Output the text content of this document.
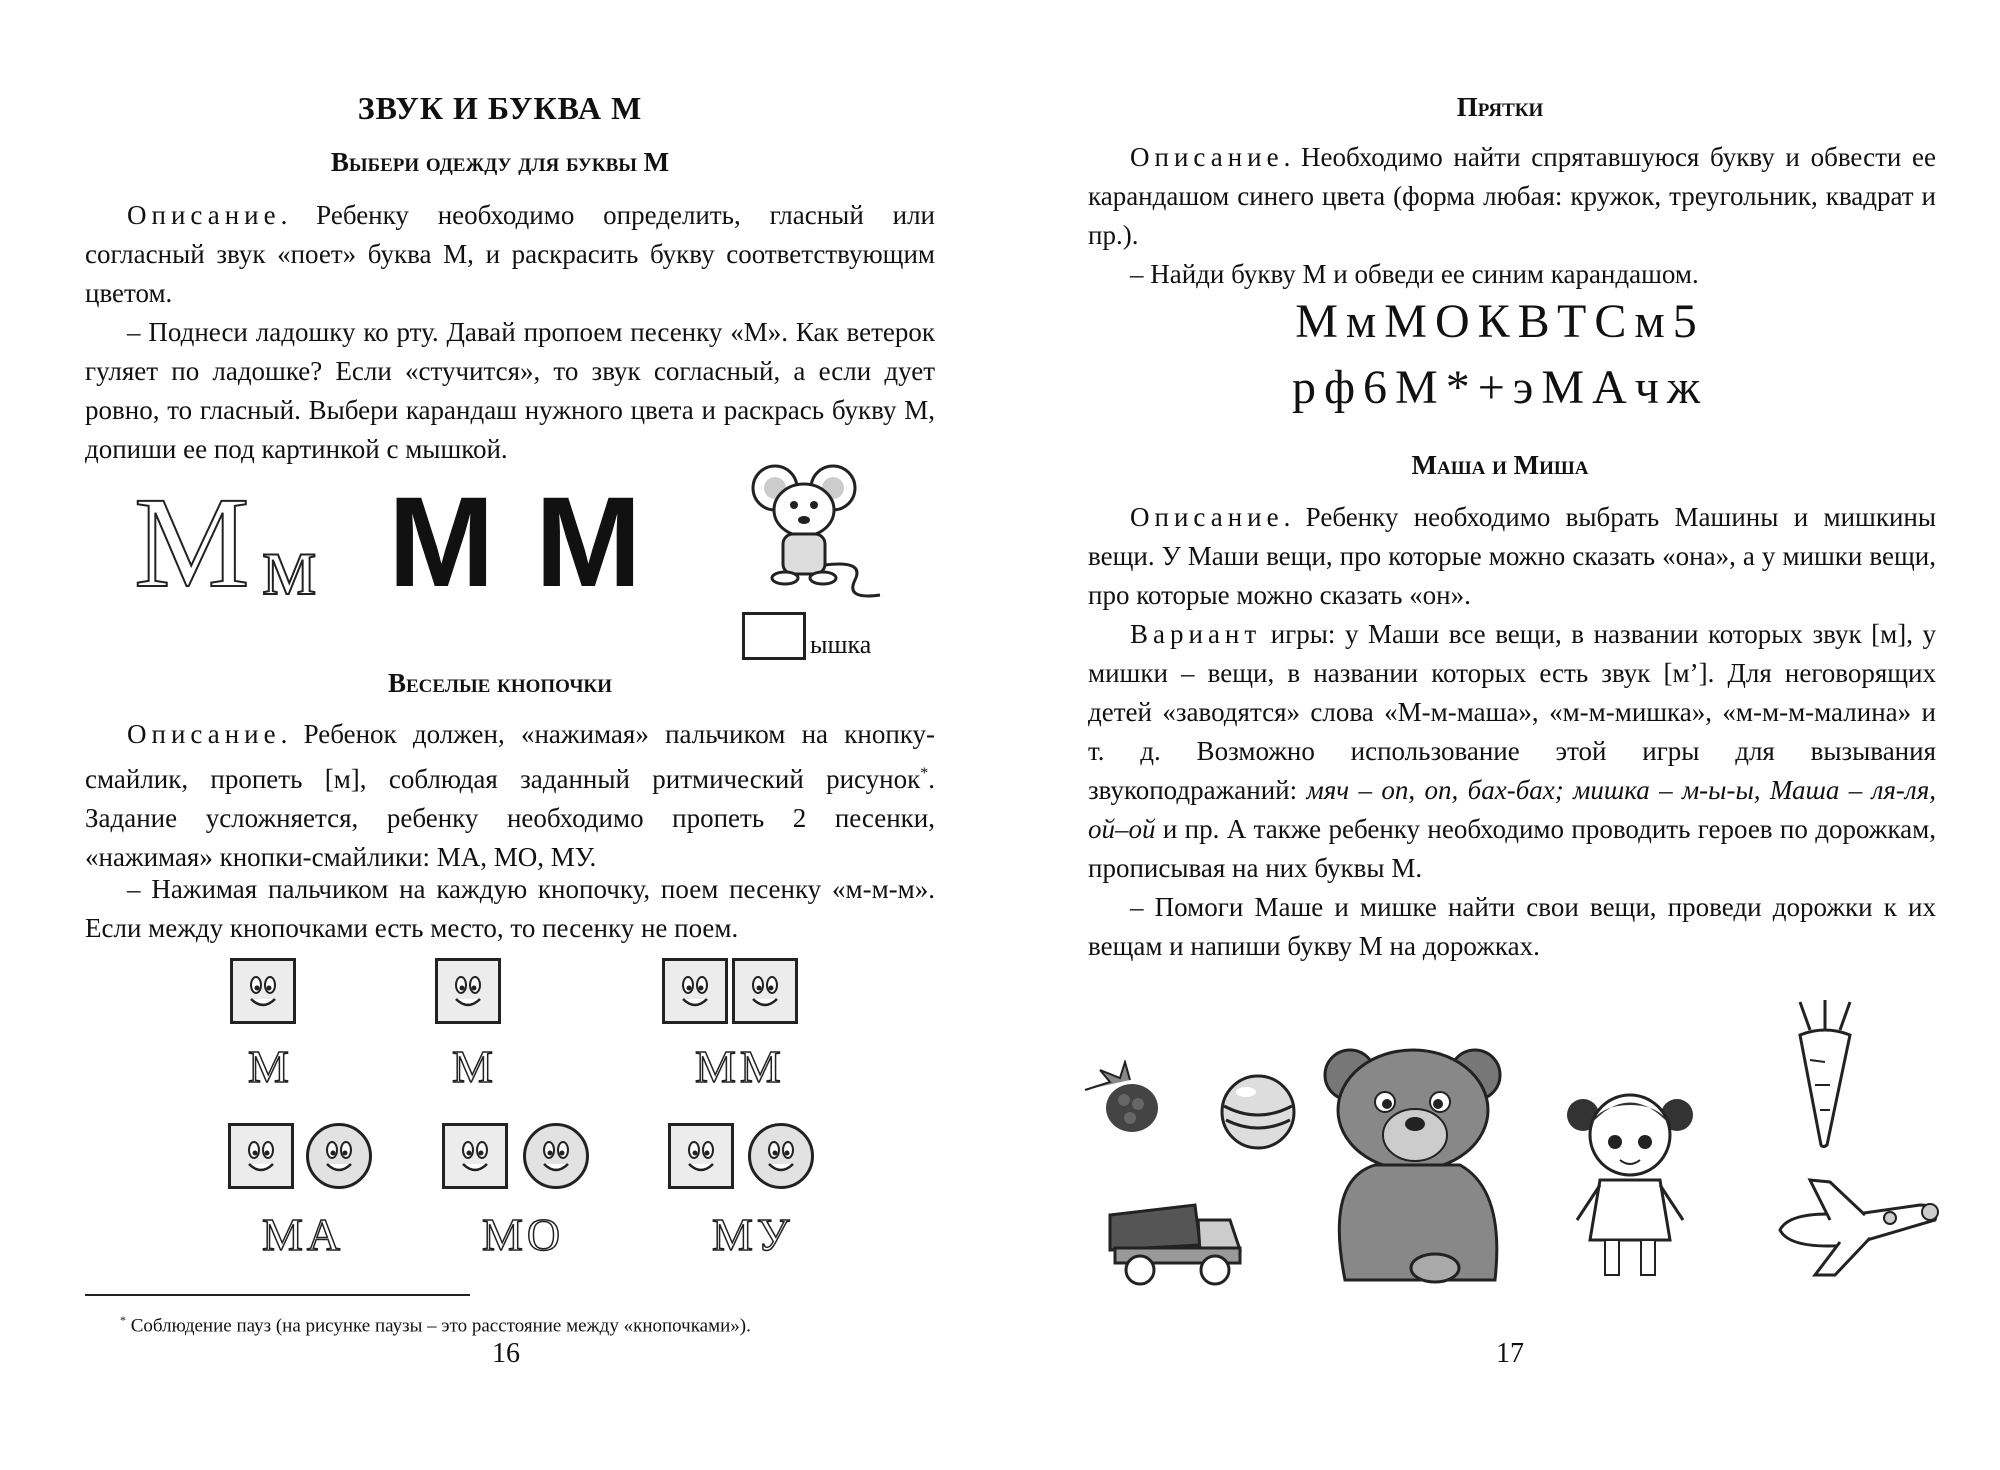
ЗВУК И БУКВА М
Выбери одежду для буквы М

Описание. Ребенку необходимо определить, гласный или согласный звук «поет» буква М, и раскрасить букву соответствующим цветом.

– Поднеси ладошку ко рту. Давай пропоем песенку «М». Как ветерок гуляет по ладошке? Если «стучится», то звук согласный, а если дует ровно, то гласный. Выбери карандаш нужного цвета и раскрась букву М, допиши ее под картинкой с мышкой.

М м М М
ышка
Веселые кнопочки

Описание. Ребенок должен, «нажимая» пальчиком на кнопку-смайлик, пропеть [м], соблюдая заданный ритмический рисунок*. Задание усложняется, ребенку необходимо пропеть 2 песенки, «нажимая» кнопки-смайлики: МА, МО, МУ.

– Нажимая пальчиком на каждую кнопочку, поем песенку «м-м-м». Если между кнопочками есть место, то песенку не поем.

М	М	ММ
МА	МО	МУ
* Соблюдение пауз (на рисунке паузы – это расстояние между «кнопочками»).
16
Прятки

Описание. Необходимо найти спрятавшуюся букву и обвести ее карандашом синего цвета (форма любая: кружок, треугольник, квадрат и пр.).

– Найди букву М и обведи ее синим карандашом.

МмМОКВТСм5
рф6М*+эМАчж
Маша и Миша

Описание. Ребенку необходимо выбрать Машины и мишкины вещи. У Маши вещи, про которые можно сказать «она», а у мишки вещи, про которые можно сказать «он».

Вариант игры: у Маши все вещи, в названии которых звук [м], у мишки – вещи, в названии которых есть звук [м’]. Для неговорящих детей «заводятся» слова «М-м-маша», «м-м-мишка», «м-м-м-малина» и т. д. Возможно использование этой игры для вызывания звукоподражаний: мяч – оп, оп, бах-бах; мишка – м-ы-ы, Маша – ля-ля, ой–ой и пр. А также ребенку необходимо проводить героев по дорожкам, прописывая на них буквы М.

– Помоги Маше и мишке найти свои вещи, проведи дорожки к их вещам и напиши букву М на дорожках.

17
